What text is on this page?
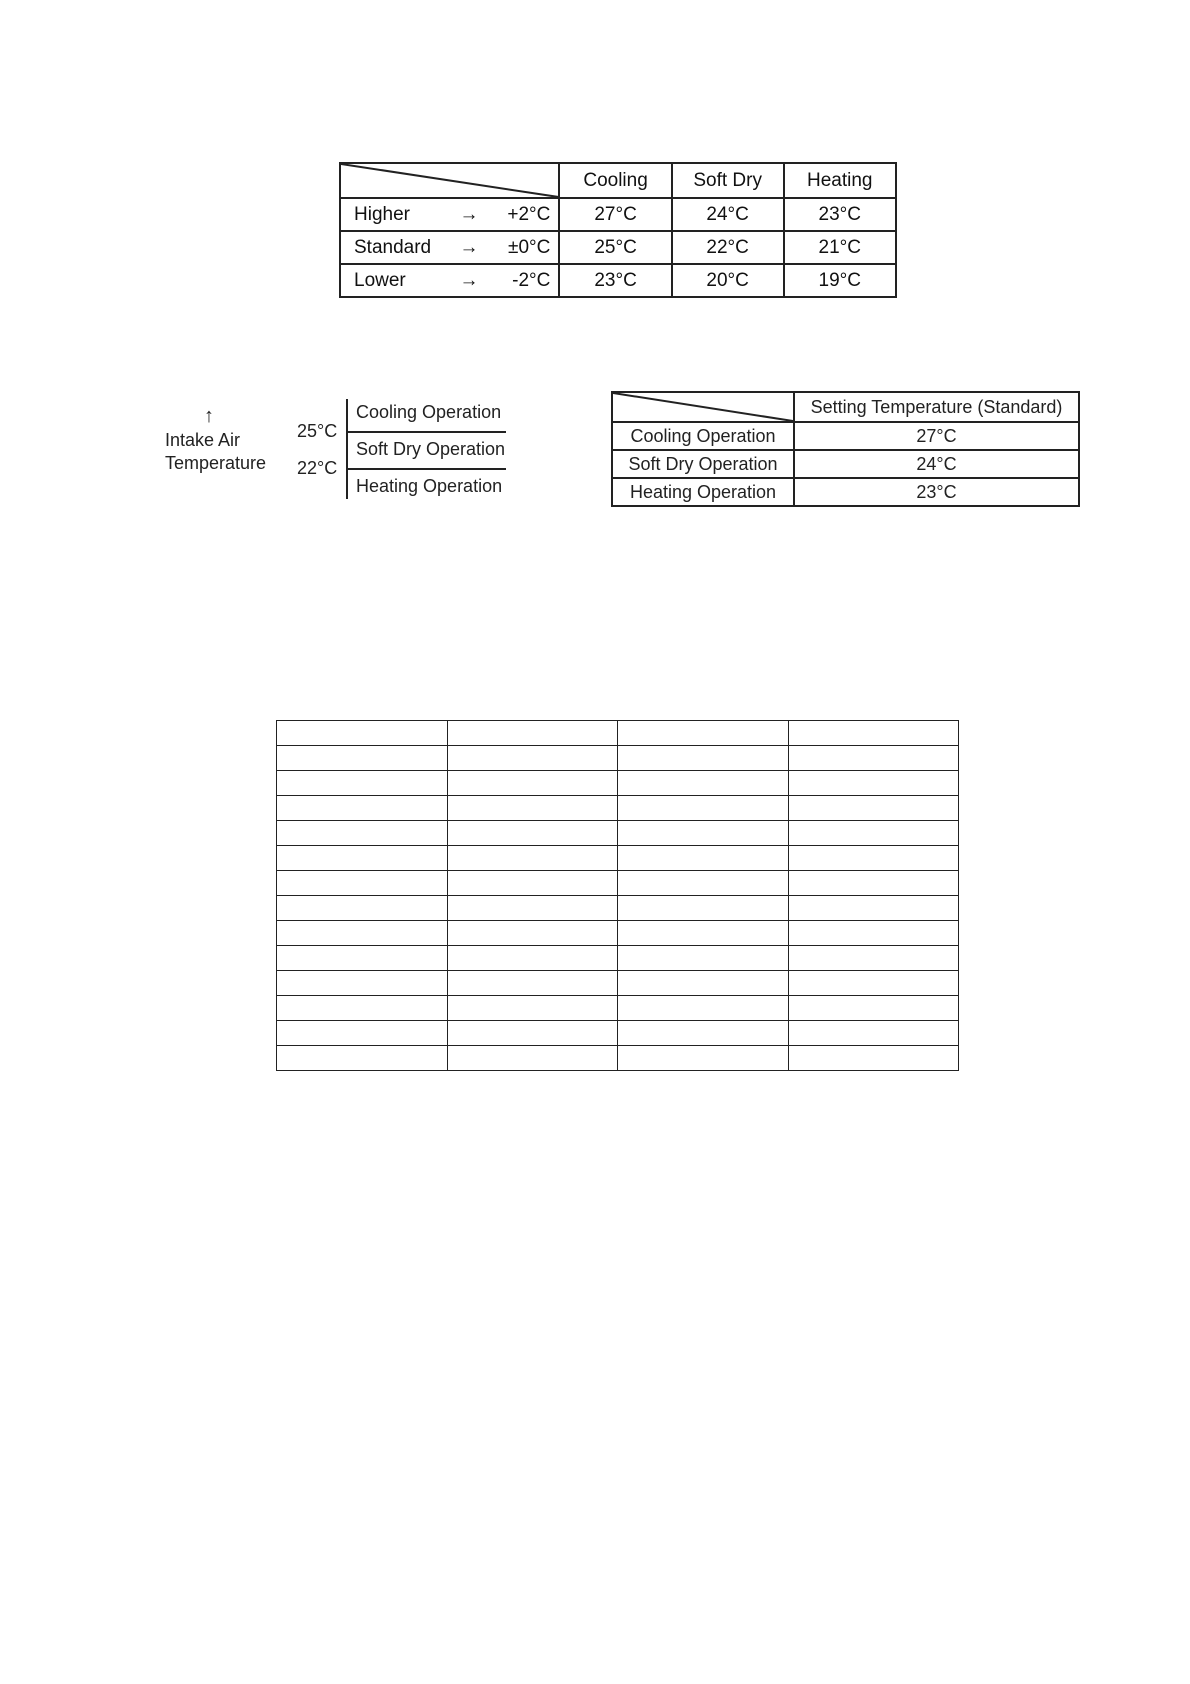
	Cooling	Soft Dry	Heating

Higher → +2°C	27°C	24°C	23°C

Standard → ±0°C	25°C	22°C	21°C

Lower → -2°C	23°C	20°C	19°C
↑
Intake Air
Temperature
25°C
22°C
Cooling Operation
Soft Dry Operation
Heating Operation
	Setting Temperature (Standard)
Cooling Operation	27°C
Soft Dry Operation	24°C
Heating Operation	23°C
